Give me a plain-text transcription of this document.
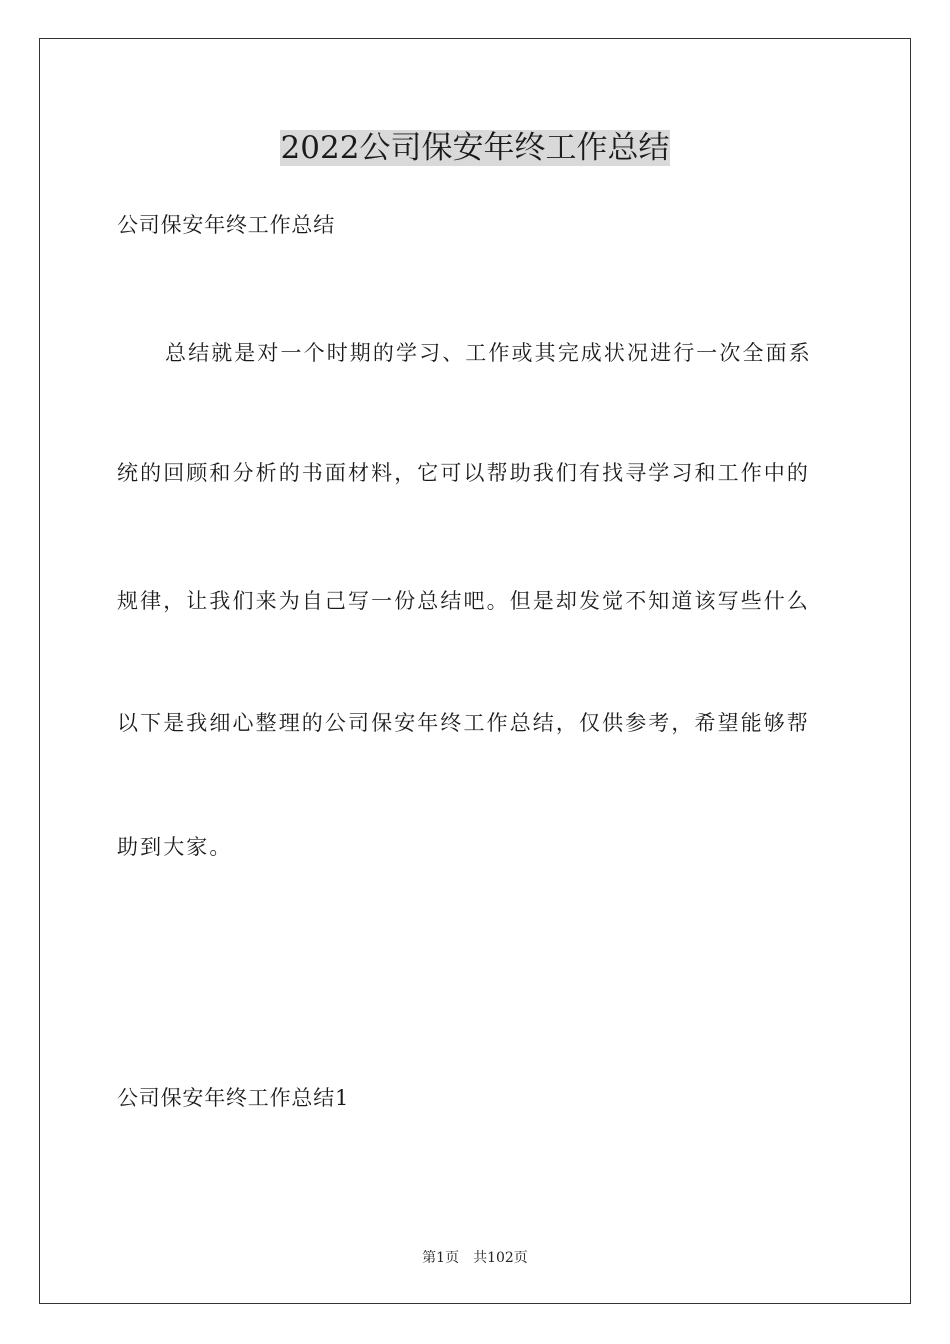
2022公司保安年终工作总结
公司保安年终工作总结
总结就是对一个时期的学习、工作或其完成状况进行一次全面系
统的回顾和分析的书面材料，它可以帮助我们有找寻学习和工作中的
规律，让我们来为自己写一份总结吧。但是却发觉不知道该写些什么
以下是我细心整理的公司保安年终工作总结，仅供参考，希望能够帮
助到大家。
公司保安年终工作总结1
第1页　共102页
